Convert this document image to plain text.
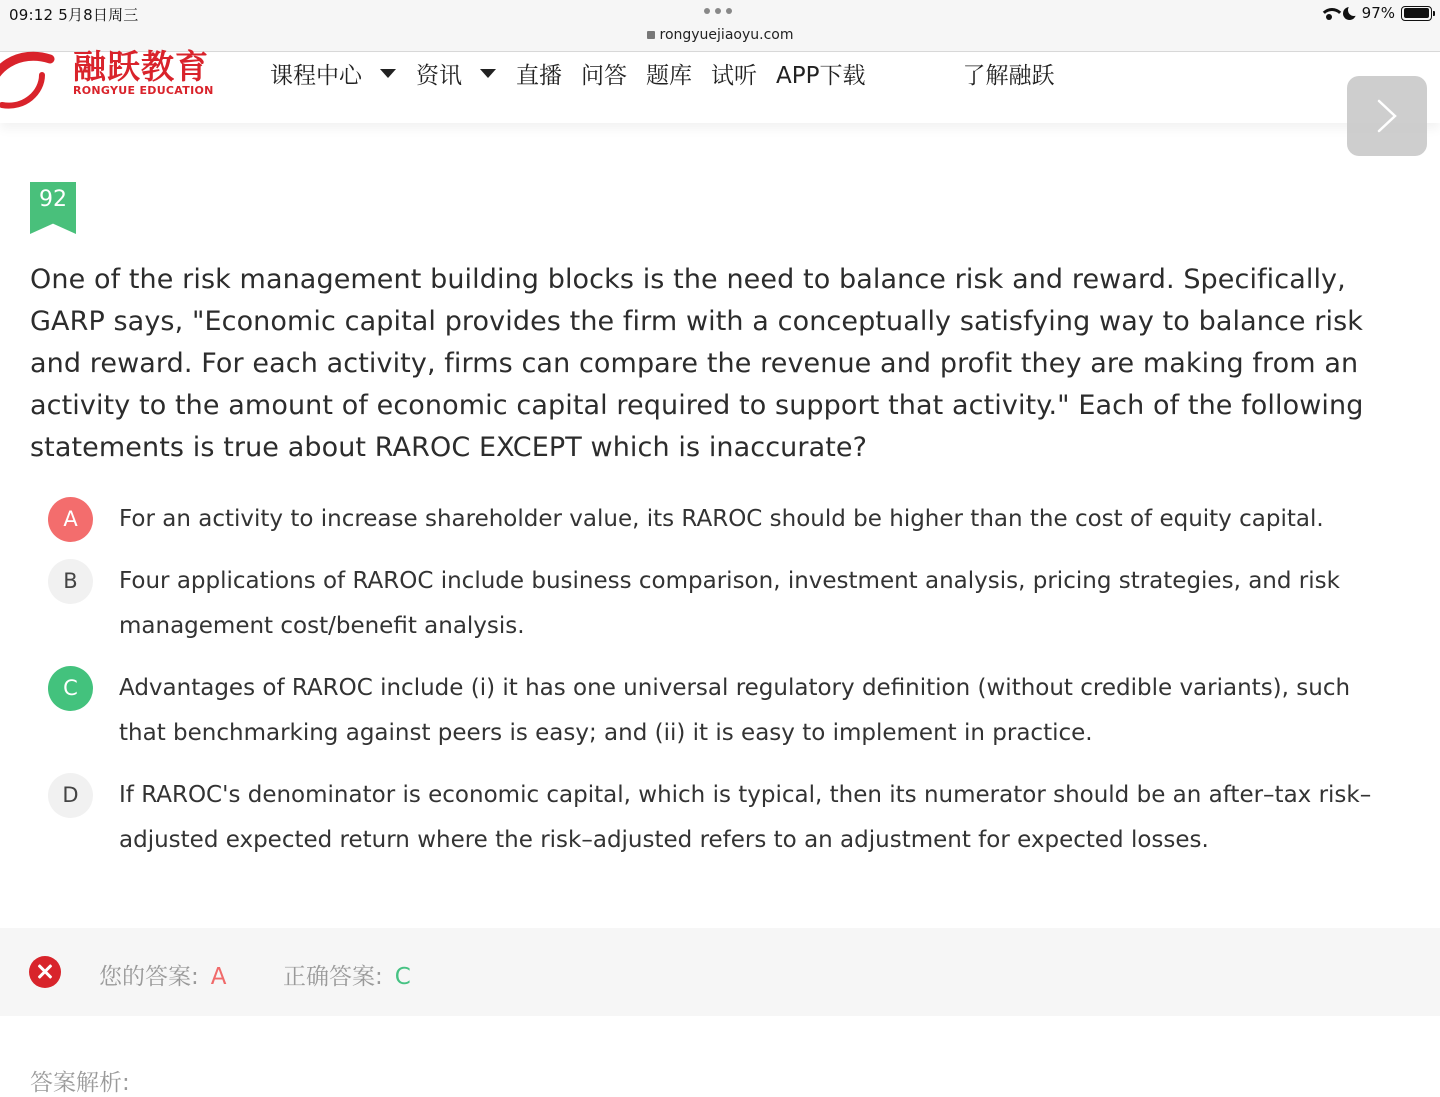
09:12 5月8日周三
rongyuejiaoyu.com
97%
融跃教育
RONGYUE EDUCATION
课程中心 资讯 直播 问答 题库 试听 APP下载	了解融跃
92
One of the risk management building blocks is the need to balance risk and reward. Specifically, GARP says, "Economic capital provides the firm with a conceptually satisfying way to balance risk and reward. For each activity, firms can compare the revenue and profit they are making from an activity to the amount of economic capital required to support that activity." Each of the following statements is true about RAROC EXCEPT which is inaccurate?
A	For an activity to increase shareholder value, its RAROC should be higher than the cost of equity capital.
B	Four applications of RAROC include business comparison, investment analysis, pricing strategies, and risk management cost/benefit analysis.
C	Advantages of RAROC include (i) it has one universal regulatory definition (without credible variants), such that benchmarking against peers is easy; and (ii) it is easy to implement in practice.
D	If RAROC's denominator is economic capital, which is typical, then its numerator should be an after–tax risk–adjusted expected return where the risk–adjusted refers to an adjustment for expected losses.
您的答案: A 正确答案: C
答案解析:
